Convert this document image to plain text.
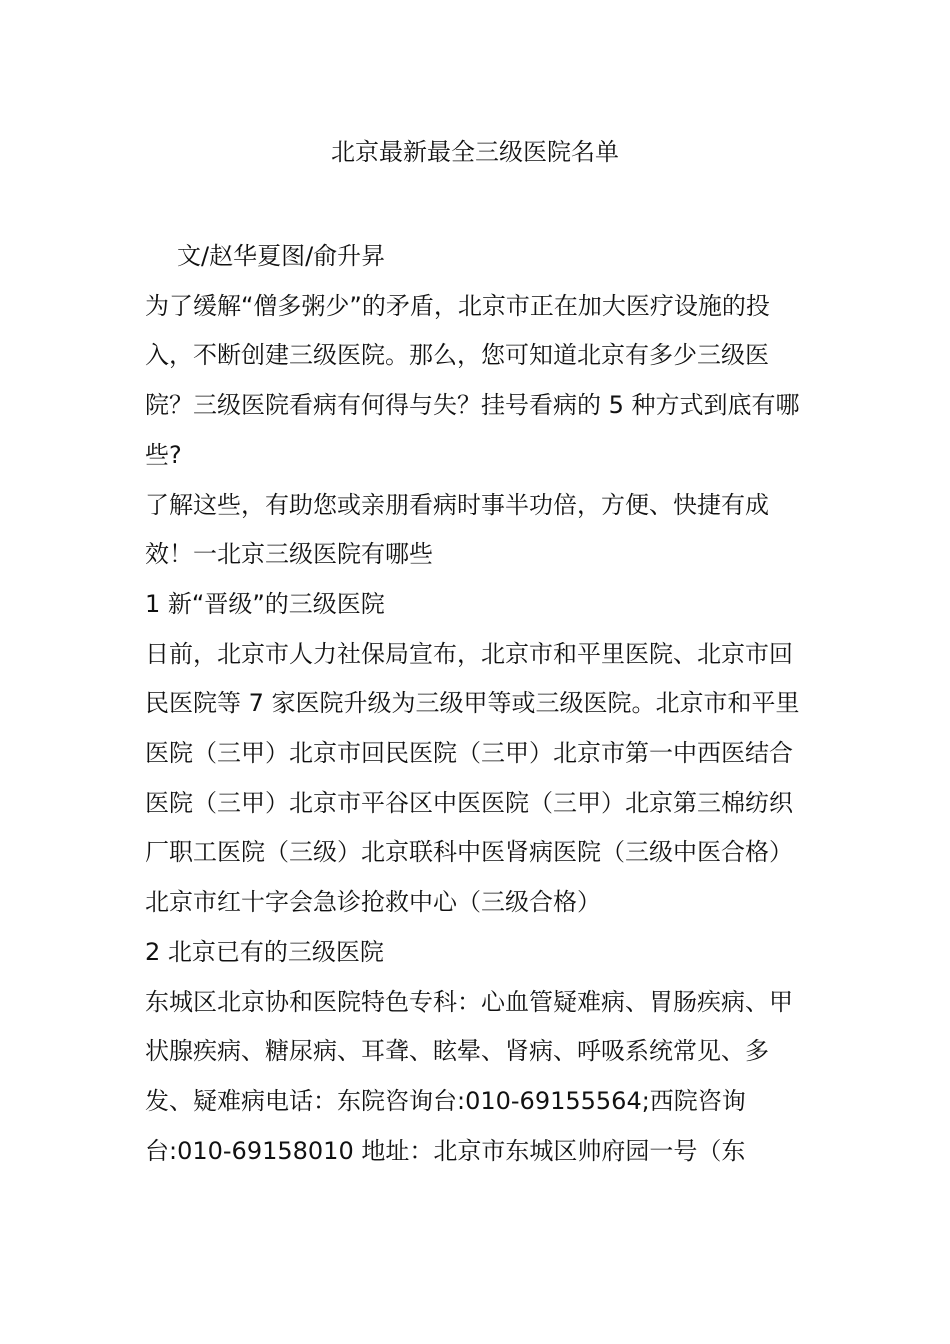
北京最新最全三级医院名单

文/赵华夏图/俞升昇

为了缓解“僧多粥少”的矛盾，北京市正在加大医疗设施的投入，不断创建三级医院。那么，您可知道北京有多少三级医院？三级医院看病有何得与失？挂号看病的 5 种方式到底有哪些?

了解这些，有助您或亲朋看病时事半功倍，方便、快捷有成效！一北京三级医院有哪些

1 新“晋级”的三级医院

日前，北京市人力社保局宣布，北京市和平里医院、北京市回民医院等 7 家医院升级为三级甲等或三级医院。北京市和平里医院（三甲）北京市回民医院（三甲）北京市第一中西医结合医院（三甲）北京市平谷区中医医院（三甲）北京第三棉纺织厂职工医院（三级）北京联科中医肾病医院（三级中医合格）北京市红十字会急诊抢救中心（三级合格）

2 北京已有的三级医院

东城区北京协和医院特色专科：心血管疑难病、胃肠疾病、甲状腺疾病、糖尿病、耳聋、眩晕、肾病、呼吸系统常见、多发、疑难病电话：东院咨询台:010-69155564;西院咨询台:010-69158010 地址：北京市东城区帅府园一号（东
